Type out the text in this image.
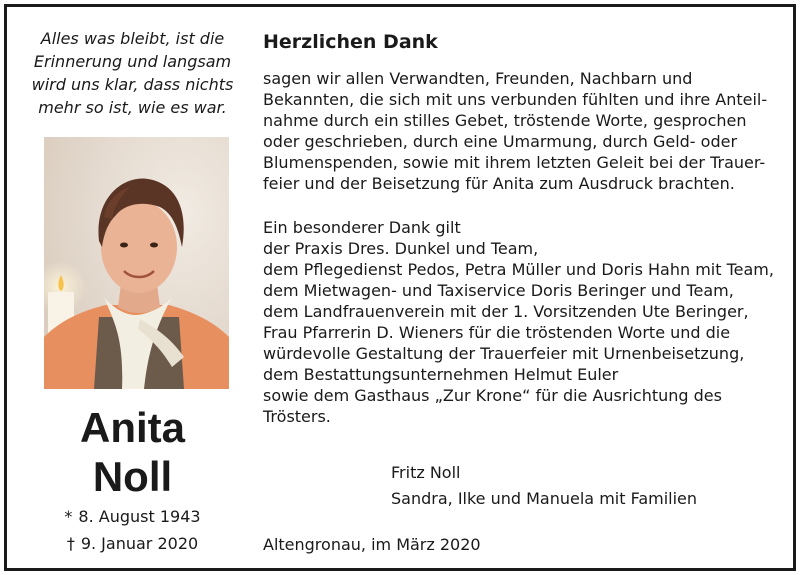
Alles was bleibt, ist die
Erinnerung und langsam
wird uns klar, dass nichts
mehr so ist, wie es war.
Anita
Noll
* 8. August 1943
† 9. Januar 2020
Herzlichen Dank
sagen wir allen Verwandten, Freunden, Nachbarn und
Bekannten, die sich mit uns verbunden fühlten und ihre Anteil-
nahme durch ein stilles Gebet, tröstende Worte, gesprochen
oder geschrieben, durch eine Umarmung, durch Geld- oder
Blumenspenden, sowie mit ihrem letzten Geleit bei der Trauer-
feier und der Beisetzung für Anita zum Ausdruck brachten.
Ein besonderer Dank gilt
der Praxis Dres. Dunkel und Team,
dem Pflegedienst Pedos, Petra Müller und Doris Hahn mit Team,
dem Mietwagen- und Taxiservice Doris Beringer und Team,
dem Landfrauenverein mit der 1. Vorsitzenden Ute Beringer,
Frau Pfarrerin D. Wieners für die tröstenden Worte und die
würdevolle Gestaltung der Trauerfeier mit Urnenbeisetzung,
dem Bestattungsunternehmen Helmut Euler
sowie dem Gasthaus „Zur Krone“ für die Ausrichtung des
Trösters.
Fritz Noll
Sandra, Ilke und Manuela mit Familien
Altengronau, im März 2020
